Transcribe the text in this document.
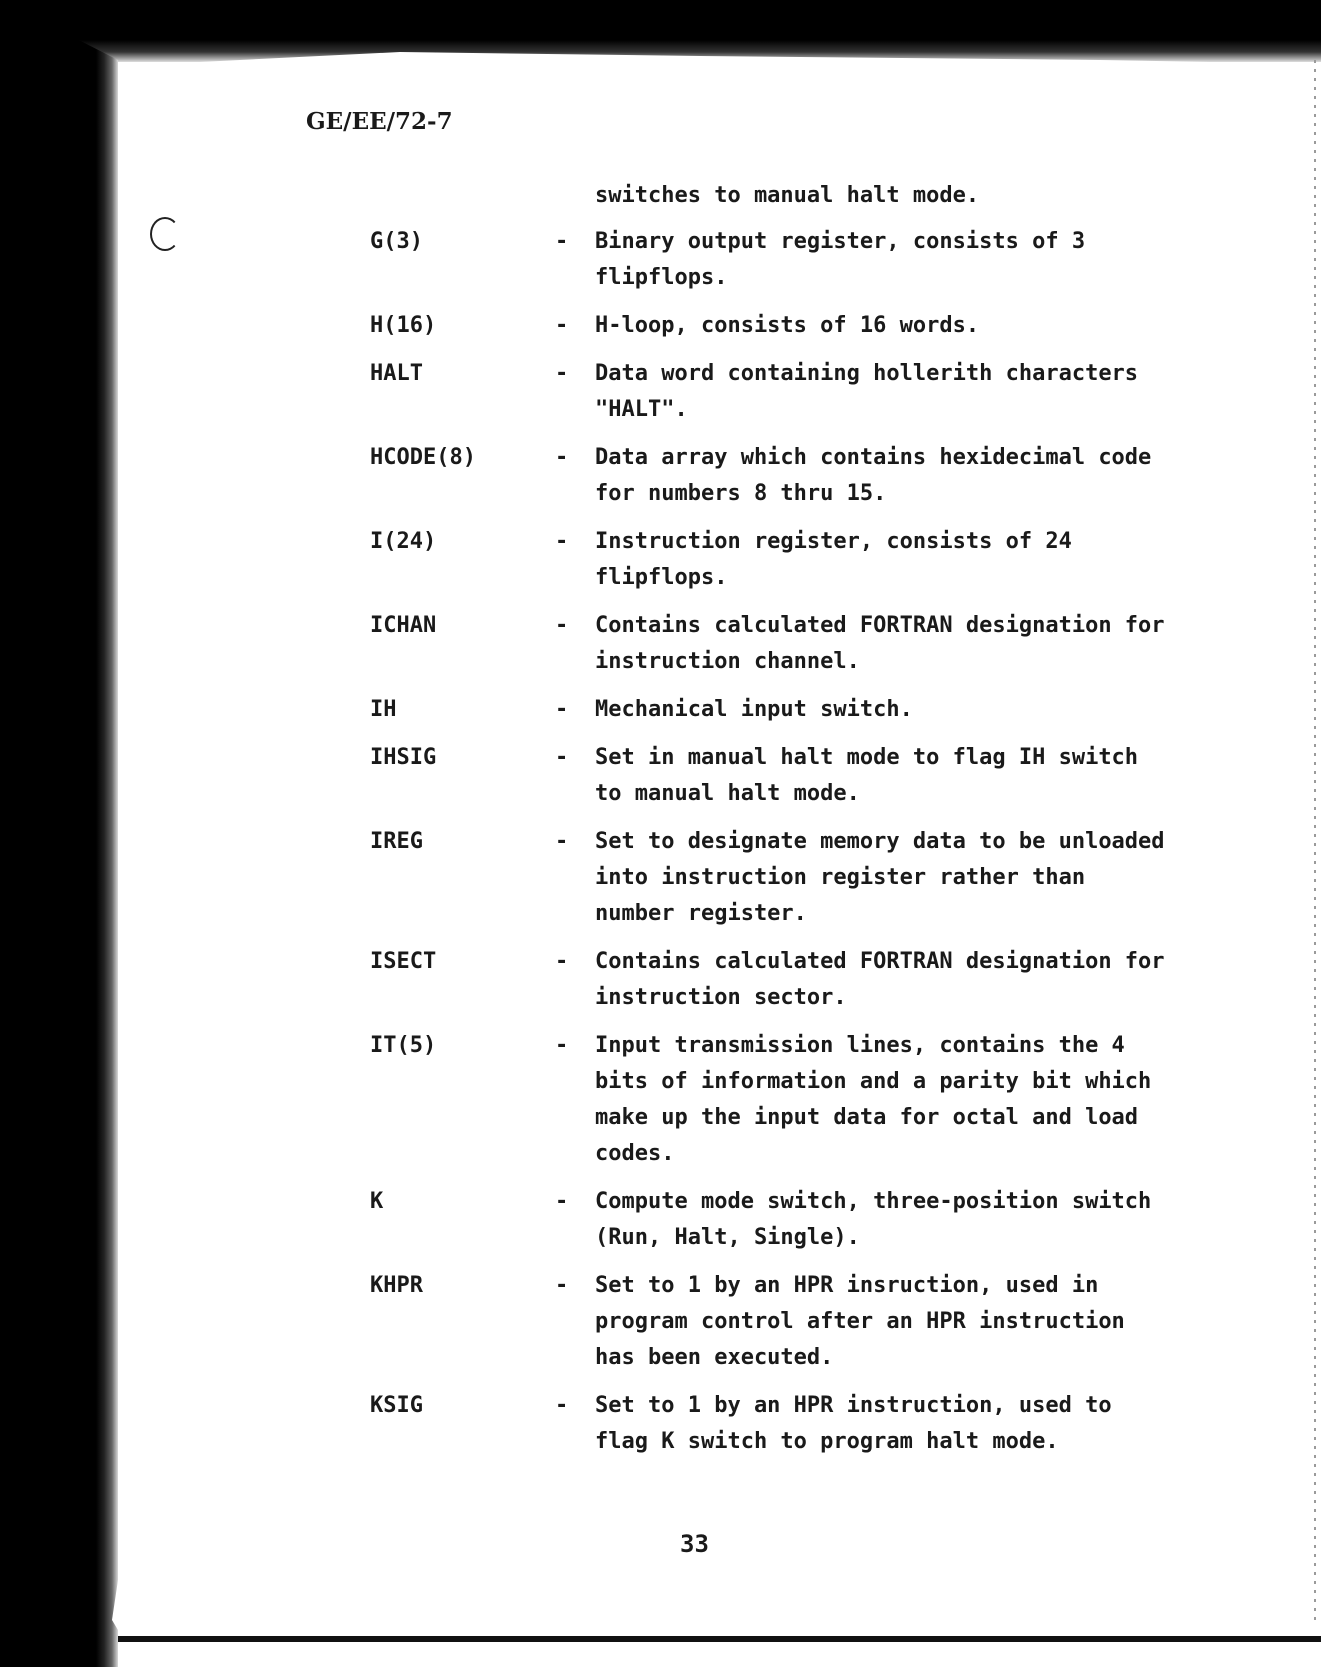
GE/EE/72-7
switches to manual halt mode.
G(3)	-	Binary output register, consists of 3 flipflops.
H(16)	-	H-loop, consists of 16 words.
HALT	-	Data word containing hollerith characters "HALT".
HCODE(8)	-	Data array which contains hexidecimal code for numbers 8 thru 15.
I(24)	-	Instruction register, consists of 24 flipflops.
ICHAN	-	Contains calculated FORTRAN designation for instruction channel.
IH	-	Mechanical input switch.
IHSIG	-	Set in manual halt mode to flag IH switch to manual halt mode.
IREG	-	Set to designate memory data to be unloaded into instruction register rather than number register.
ISECT	-	Contains calculated FORTRAN designation for instruction sector.
IT(5)	-	Input transmission lines, contains the 4 bits of information and a parity bit which make up the input data for octal and load codes.
K	-	Compute mode switch, three-position switch (Run, Halt, Single).
KHPR	-	Set to 1 by an HPR insruction, used in program control after an HPR instruction has been executed.
KSIG	-	Set to 1 by an HPR instruction, used to flag K switch to program halt mode.
33
